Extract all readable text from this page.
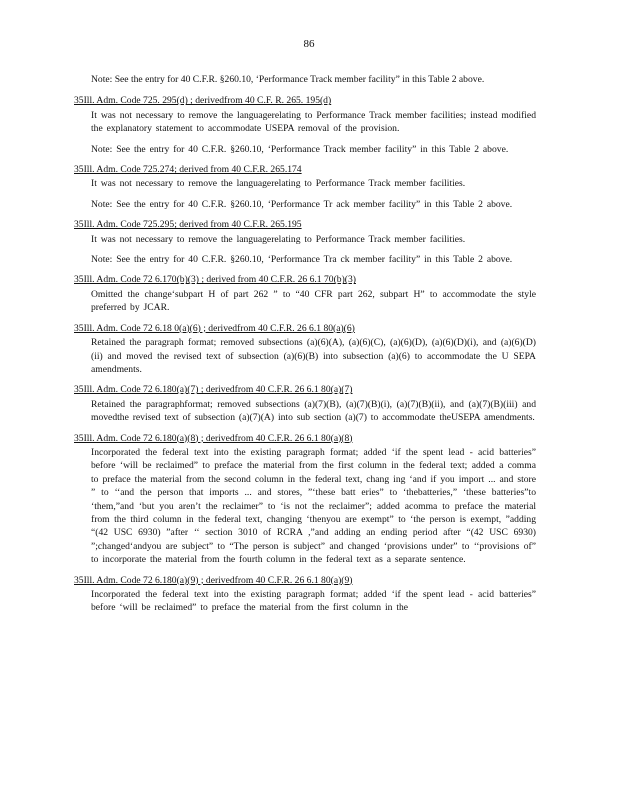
86
Note: See the entry for 40 C.F.R. §260.10, ‘Performance Track member facility” in this Table 2 above.
35Ill. Adm. Code 725. 295(d) ; derivedfrom 40 C.F. R. 265. 195(d)
It was not necessary to remove the languagerelating to Performance Track member facilities; instead modified the explanatory statement to accommodate USEPA removal of the provision.
Note: See the entry for 40 C.F.R. §260.10, ‘Performance Track member facility” in this Table 2 above.
35Ill. Adm. Code 725.274; derived from 40 C.F.R. 265.174
It was not necessary to remove the languagerelating to Performance Track member facilities.
Note: See the entry for 40 C.F.R. §260.10, ‘Performance Tr ack member facility” in this Table 2 above.
35Ill. Adm. Code 725.295; derived from 40 C.F.R. 265.195
It was not necessary to remove the languagerelating to Performance Track member facilities.
Note: See the entry for 40 C.F.R. §260.10, ‘Performance Tra ck member facility” in this Table 2 above.
35Ill. Adm. Code 72 6.170(b)(3) ; derived from 40 C.F.R. 26 6.1 70(b)(3)
Omitted the change‘subpart H of part 262 ” to “40 CFR part 262, subpart H” to accommodate the style preferred by JCAR.
35Ill. Adm. Code 72 6.18 0(a)(6) ; derivedfrom 40 C.F.R. 26 6.1 80(a)(6)
Retained the paragraph format; removed subsections (a)(6)(A), (a)(6)(C), (a)(6)(D), (a)(6)(D)(i), and (a)(6)(D)(ii) and moved the revised text of subsection (a)(6)(B) into subsection (a)(6) to accommodate the U SEPA amendments.
35Ill. Adm. Code 72 6.180(a)(7) ; derivedfrom 40 C.F.R. 26 6.1 80(a)(7)
Retained the paragraphformat; removed subsections (a)(7)(B), (a)(7)(B)(i), (a)(7)(B)(ii), and (a)(7)(B)(iii) and movedthe revised text of subsection (a)(7)(A) into sub section (a)(7) to accommodate theUSEPA amendments.
35Ill. Adm. Code 72 6.180(a)(8) ; derivedfrom 40 C.F.R. 26 6.1 80(a)(8)
Incorporated the federal text into the existing paragraph format; added ‘if the spent lead - acid batteries” before ‘will be reclaimed” to preface the material from the first column in the federal text; added a comma to preface the material from the second column in the federal text, chang ing ‘and if you import ... and store ” to ‘‘and the person that imports ... and stores, ”‘these batt eries” to ‘thebatteries,” ‘these batteries”to ‘them,”and ‘but you aren’t the reclaimer” to ‘is not the reclaimer”; added acomma to preface the material from the third column in the federal text, changing ‘thenyou are exempt” to ‘the person is exempt, ”adding “(42 USC 6930) ”after ‘‘ section 3010 of RCRA ,”and adding an ending period after “(42 USC 6930) ”;changed‘andyou are subject” to “The person is subject” and changed ‘provisions under” to ‘‘provisions of” to incorporate the material from the fourth column in the federal text as a separate sentence.
35Ill. Adm. Code 72 6.180(a)(9) ; derivedfrom 40 C.F.R. 26 6.1 80(a)(9)
Incorporated the federal text into the existing paragraph format; added ‘if the spent lead - acid batteries” before ‘will be reclaimed” to preface the material from the first column in the
